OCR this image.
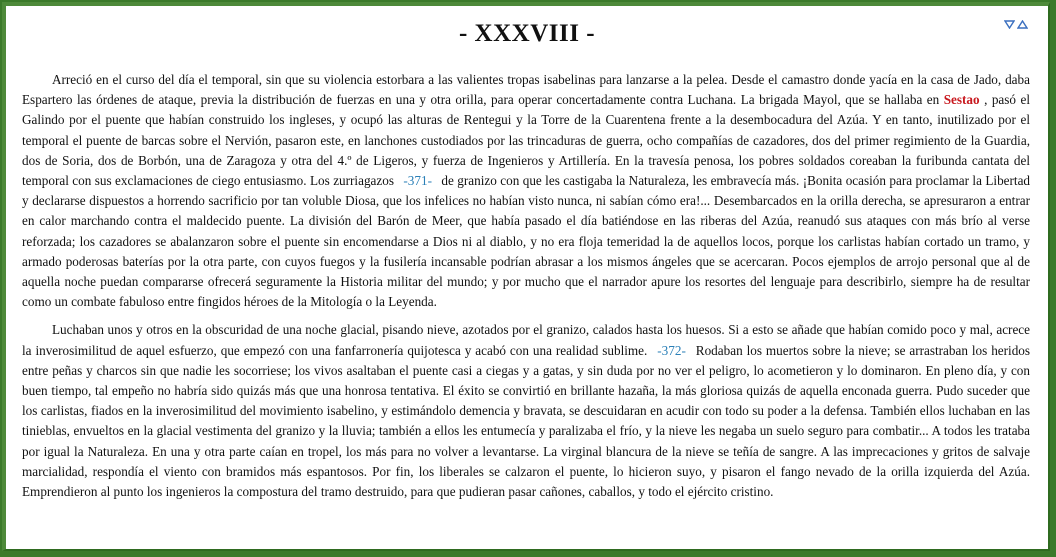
- XXXVIII -

Arreció en el curso del día el temporal, sin que su violencia estorbara a las valientes tropas isabelinas para lanzarse a la pelea. Desde el camastro donde yacía en la casa de Jado, daba Espartero las órdenes de ataque, previa la distribución de fuerzas en una y otra orilla, para operar concertadamente contra Luchana. La brigada Mayol, que se hallaba en Sestao , pasó el Galindo por el puente que habían construido los ingleses, y ocupó las alturas de Rentegui y la Torre de la Cuarentena frente a la desembocadura del Azúa. Y en tanto, inutilizado por el temporal el puente de barcas sobre el Nervión, pasaron este, en lanchones custodiados por las trincaduras de guerra, ocho compañías de cazadores, dos del primer regimiento de la Guardia, dos de Soria, dos de Borbón, una de Zaragoza y otra del 4.º de Ligeros, y fuerza de Ingenieros y Artillería. En la travesía penosa, los pobres soldados coreaban la furibunda cantata del temporal con sus exclamaciones de ciego entusiasmo. Los zurriagazos -371- de granizo con que les castigaba la Naturaleza, les embravecía más. ¡Bonita ocasión para proclamar la Libertad y declararse dispuestos a horrendo sacrificio por tan voluble Diosa, que los infelices no habían visto nunca, ni sabían cómo era!... Desembarcados en la orilla derecha, se apresuraron a entrar en calor marchando contra el maldecido puente. La división del Barón de Meer, que había pasado el día batiéndose en las riberas del Azúa, reanudó sus ataques con más brío al verse reforzada; los cazadores se abalanzaron sobre el puente sin encomendarse a Dios ni al diablo, y no era floja temeridad la de aquellos locos, porque los carlistas habían cortado un tramo, y armado poderosas baterías por la otra parte, con cuyos fuegos y la fusilería incansable podrían abrasar a los mismos ángeles que se acercaran. Pocos ejemplos de arrojo personal que al de aquella noche puedan compararse ofrecerá seguramente la Historia militar del mundo; y por mucho que el narrador apure los resortes del lenguaje para describirlo, siempre ha de resultar como un combate fabuloso entre fingidos héroes de la Mitología o la Leyenda.

Luchaban unos y otros en la obscuridad de una noche glacial, pisando nieve, azotados por el granizo, calados hasta los huesos. Si a esto se añade que habían comido poco y mal, acrece la inverosimilitud de aquel esfuerzo, que empezó con una fanfarronería quijotesca y acabó con una realidad sublime. -372- Rodaban los muertos sobre la nieve; se arrastraban los heridos entre peñas y charcos sin que nadie les socorriese; los vivos asaltaban el puente casi a ciegas y a gatas, y sin duda por no ver el peligro, lo acometieron y lo dominaron. En pleno día, y con buen tiempo, tal empeño no habría sido quizás más que una honrosa tentativa. El éxito se convirtió en brillante hazaña, la más gloriosa quizás de aquella enconada guerra. Pudo suceder que los carlistas, fiados en la inverosimilitud del movimiento isabelino, y estimándolo demencia y bravata, se descuidaran en acudir con todo su poder a la defensa. También ellos luchaban en las tinieblas, envueltos en la glacial vestimenta del granizo y la lluvia; también a ellos les entumecía y paralizaba el frío, y la nieve les negaba un suelo seguro para combatir... A todos les trataba por igual la Naturaleza. En una y otra parte caían en tropel, los más para no volver a levantarse. La virginal blancura de la nieve se teñía de sangre. A las imprecaciones y gritos de salvaje marcialidad, respondía el viento con bramidos más espantosos. Por fin, los liberales se calzaron el puente, lo hicieron suyo, y pisaron el fango nevado de la orilla izquierda del Azúa. Emprendieron al punto los ingenieros la compostura del tramo destruido, para que pudieran pasar cañones, caballos, y todo el ejército cristino.
